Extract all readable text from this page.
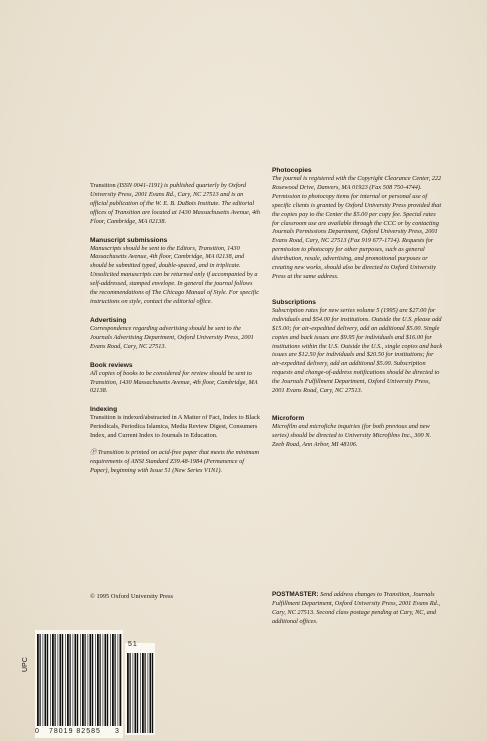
Transition (ISSN 0041-1191) is published quarterly by Oxford University Press, 2001 Evans Rd., Cary, NC 27513 and is an official publication of the W. E. B. DuBois Institute. The editorial offices of Transition are located at 1430 Massachusetts Avenue, 4th Floor, Cambridge, MA 02138.

Manuscript submissions

Manuscripts should be sent to the Editors, Transition, 1430 Massachusetts Avenue, 4th floor, Cambridge, MA 02138, and should be submitted typed, double-spaced, and in triplicate. Unsolicited manuscripts can be returned only if accompanied by a self-addressed, stamped envelope. In general the journal follows the recommendations of The Chicago Manual of Style. For specific instructions on style, contact the editorial office.

Advertising

Correspondence regarding advertising should be sent to the Journals Advertising Department, Oxford University Press, 2001 Evans Road, Cary, NC 27513.

Book reviews

All copies of books to be considered for review should be sent to Transition, 1430 Massachusetts Avenue, 4th floor, Cambridge, MA 02138.

Indexing

Transition is indexed/abstracted in A Matter of Fact, Index to Black Periodicals, Periodica Islamica, Media Review Digest, Consumers Index, and Current Index to Journals in Education.

Ⓟ Transition is printed on acid-free paper that meets the minimum requirements of ANSI Standard Z39.48-1984 (Permanence of Paper), beginning with Issue 51 (New Series V1N1).

© 1995 Oxford University Press
Photocopies

The journal is registered with the Copyright Clearance Center, 222 Rosewood Drive, Danvers, MA 01923 (Fax 508 750-4744). Permission to photocopy items for internal or personal use of specific clients is granted by Oxford University Press provided that the copies pay to the Center the $5.00 per copy fee. Special rates for classroom use are available through the CCC or by contacting Journals Permissions Department, Oxford University Press, 2001 Evans Road, Cary, NC 27513 (Fax 919 677-1714). Requests for permission to photocopy for other purposes, such as general distribution, resale, advertising, and promotional purposes or creating new works, should also be directed to Oxford University Press at the same address.

Subscriptions

Subscription rates for new series volume 5 (1995) are $27.00 for individuals and $54.00 for institutions. Outside the U.S. please add $15.00; for air-expedited delivery, add an additional $5.00. Single copies and back issues are $9.95 for individuals and $16.00 for institutions within the U.S. Outside the U.S., single copies and back issues are $12.50 for individuals and $20.50 for institutions; for air-expedited delivery, add an additional $5.00. Subscription requests and change-of-address notifications should be directed to the Journals Fulfillment Department, Oxford University Press, 2001 Evans Road, Cary, NC 27513.

Microform

Microfilm and microfiche inquiries (for both previous and new series) should be directed to University Microfilms Inc., 300 N. Zeeb Road, Ann Arbor, MI 48106.

POSTMASTER: Send address changes to Transition, Journals Fulfillment Department, Oxford University Press, 2001 Evans Rd., Cary, NC 27513. Second class postage pending at Cary, NC, and additional offices.
UPC
0 78019 82585 3
51
